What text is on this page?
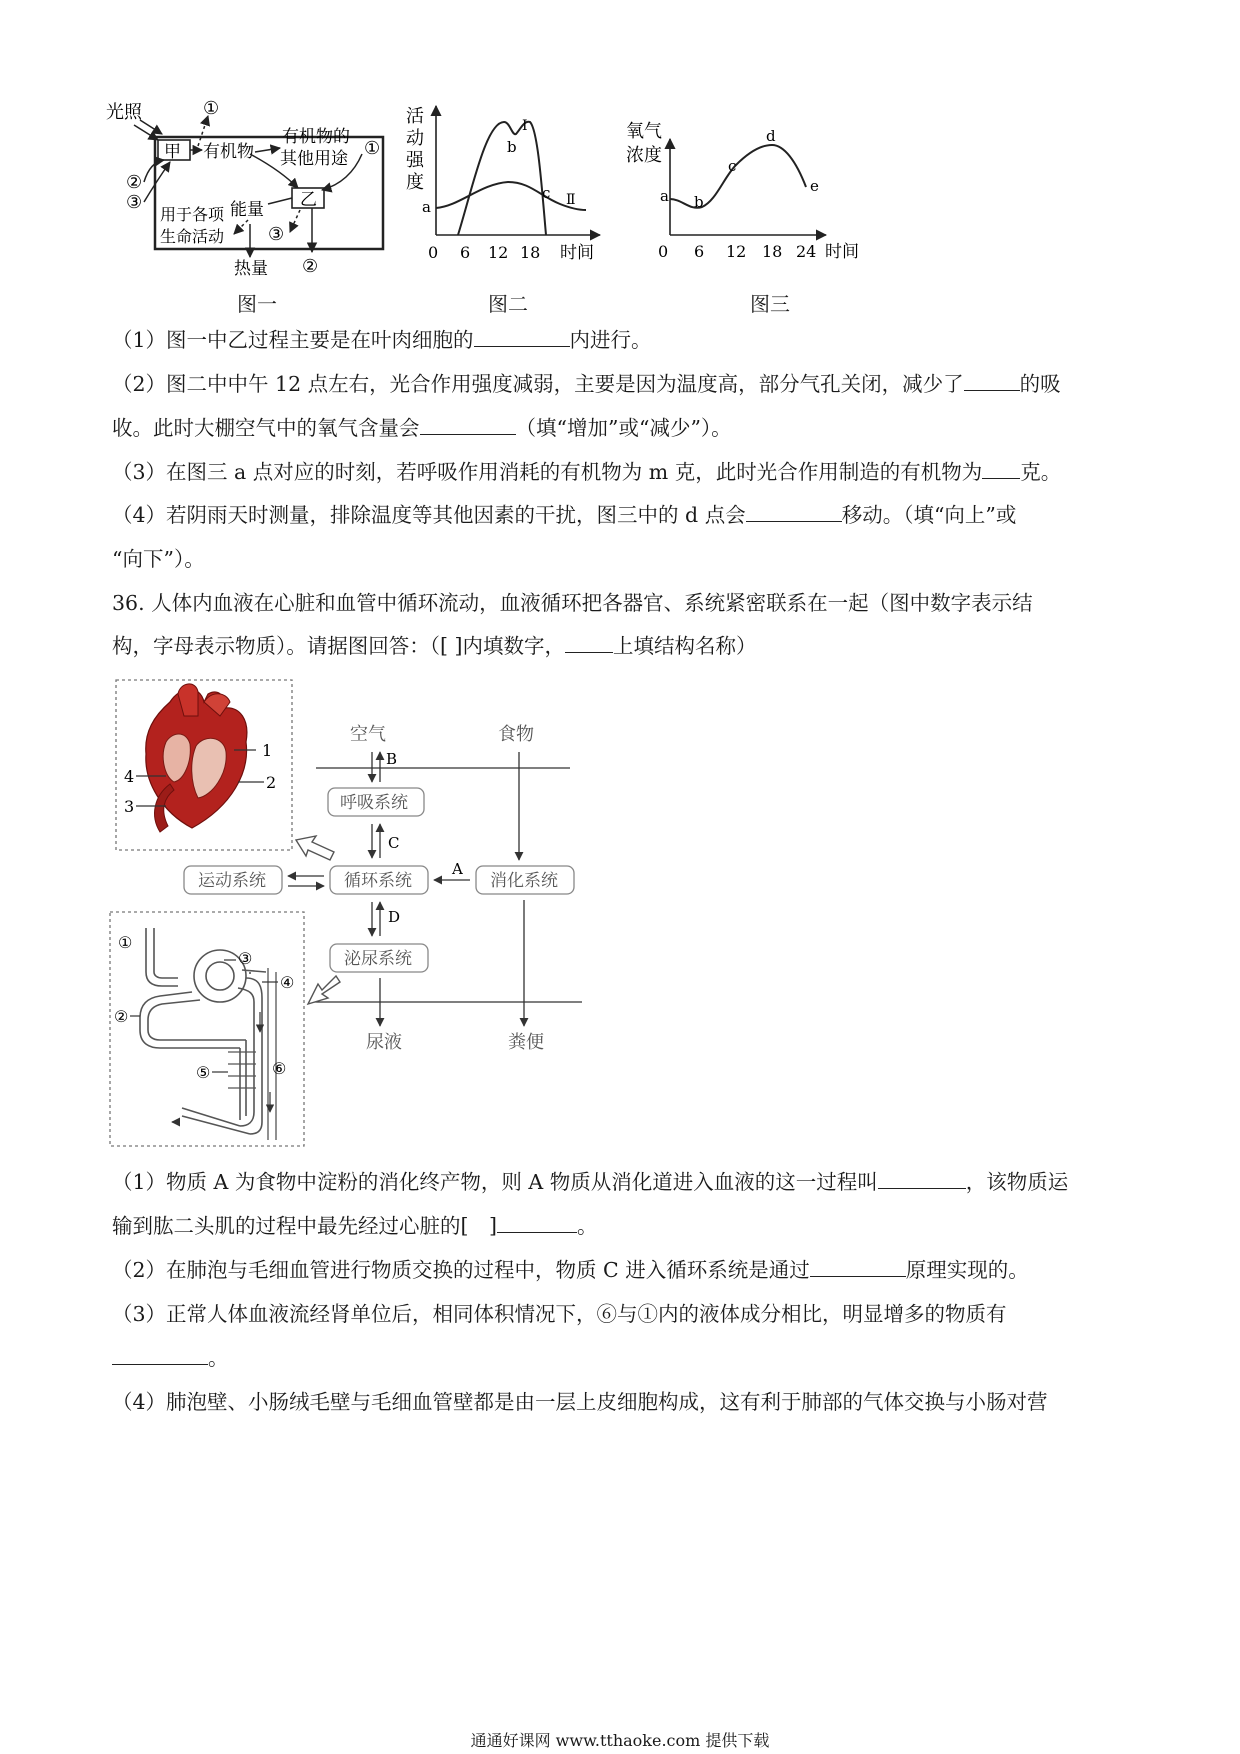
光照	①
甲 有机物
有机物的
其他用途 ①
乙
能量
用于各项
生命活动
热量
③
②
②
③
图一
活
动
强
度
a
b
c
I
Ⅱ
0 6 12 18 时间
图二
氧气
浓度
a b
c
d
e
0 6 12 18 24 时间
图三
（1）图一中乙过程主要是在叶肉细胞的	内进行。
（2）图二中中午 12 点左右，光合作用强度减弱，主要是因为温度高，部分气孔关闭，减少了	的吸
收。此时大棚空气中的氧气含量会	（填“增加”或“减少”）。
（3）在图三 a 点对应的时刻，若呼吸作用消耗的有机物为 m 克，此时光合作用制造的有机物为 克。
（4）若阴雨天时测量，排除温度等其他因素的干扰，图三中的 d 点会	移动。（填“向上”或
“向下”）。
36. 人体内血液在心脏和血管中循环流动，血液循环把各器官、系统紧密联系在一起（图中数字表示结
构，字母表示物质）。请据图回答：（[ ]内填数字， 上填结构名称）
1
2
3
4
空气	食物
B
呼吸系统
C
运动系统	循环系统
A
消化系统
D
泌尿系统
尿液	粪便
①
②
③
④
⑤	⑥
（1）物质 A 为食物中淀粉的消化终产物，则 A 物质从消化道进入血液的这一过程叫	，该物质运
输到肱二头肌的过程中最先经过心脏的[　]	。
（2）在肺泡与毛细血管进行物质交换的过程中，物质 C 进入循环系统是通过	原理实现的。
（3）正常人体血液流经肾单位后，相同体积情况下，⑥与①内的液体成分相比，明显增多的物质有
。
（4）肺泡壁、小肠绒毛壁与毛细血管壁都是由一层上皮细胞构成，这有利于肺部的气体交换与小肠对营
通通好课网 www.tthaoke.com 提供下载
